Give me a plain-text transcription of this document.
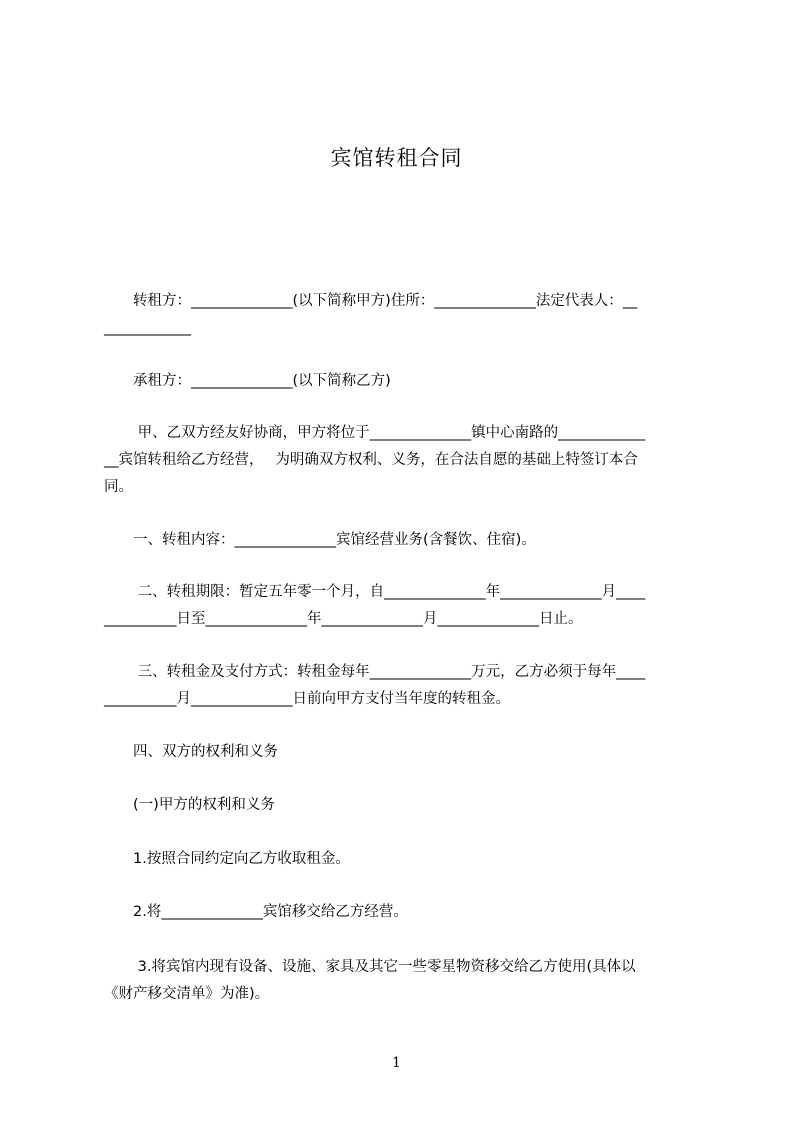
宾馆转租合同
　　转租方：______________(以下简称甲方)住所：______________法定代表人：__
____________
　　承租方：______________(以下简称乙方)
　　 甲、乙双方经友好协商，甲方将位于______________镇中心南路的____________
__宾馆转租给乙方经营，　 为明确双方权利、义务，在合法自愿的基础上特签订本合
同。
　　一、转租内容：______________宾馆经营业务(含餐饮、住宿)。
　　 二、转租期限：暂定五年零一个月，自______________年______________月____
__________日至______________年______________月______________日止。
　　 三、转租金及支付方式：转租金每年______________万元，乙方必须于每年____
__________月______________日前向甲方支付当年度的转租金。
　　四、双方的权利和义务
　　(一)甲方的权利和义务
　　1.按照合同约定向乙方收取租金。
　　2.将______________宾馆移交给乙方经营。
　　 3.将宾馆内现有设备、设施、家具及其它一些零星物资移交给乙方使用(具体以
《财产移交清单》为准)。
1
